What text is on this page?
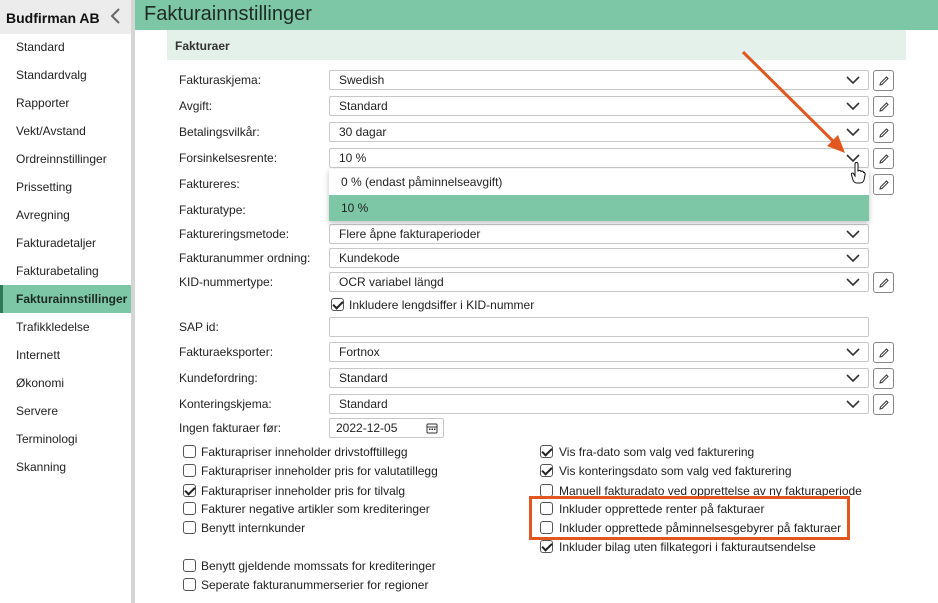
Budfirman AB
Standard
Standardvalg
Rapporter
Vekt/Avstand
Ordreinnstillinger
Prissetting
Avregning
Fakturadetaljer
Fakturabetaling
Fakturainnstillinger
Trafikkledelse
Internett
Økonomi
Servere
Terminologi
Skanning
Fakturainnstillinger
Fakturaer
Fakturaskjema:	Swedish
Avgift:	Standard
Betalingsvilkår:	30 dagar
Forsinkelsesrente:	10 %
Faktureres:
Fakturatype:
Faktureringsmetode:	Flere åpne fakturaperioder
Fakturanummer ordning:	Kundekode
KID-nummertype:	OCR variabel längd
Inkludere lengdsiffer i KID-nummer
SAP id:
Fakturaeksporter:	Fortnox
Kundefordring:	Standard
Konteringskjema:	Standard
Ingen fakturaer før:	2022-12-05
0 % (endast påminnelseavgift)
10 %
Fakturapriser inneholder drivstofftillegg
Fakturapriser inneholder pris for valutatillegg
Fakturapriser inneholder pris for tilvalg
Fakturer negative artikler som krediteringer
Benytt internkunder
Benytt gjeldende momssats for krediteringer
Seperate fakturanummerserier for regioner
Vis fra-dato som valg ved fakturering
Vis konteringsdato som valg ved fakturering
Manuell fakturadato ved opprettelse av ny fakturaperiode
Inkluder opprettede renter på fakturaer
Inkluder opprettede påminnelsesgebyrer på fakturaer
Inkluder bilag uten filkategori i fakturautsendelse
